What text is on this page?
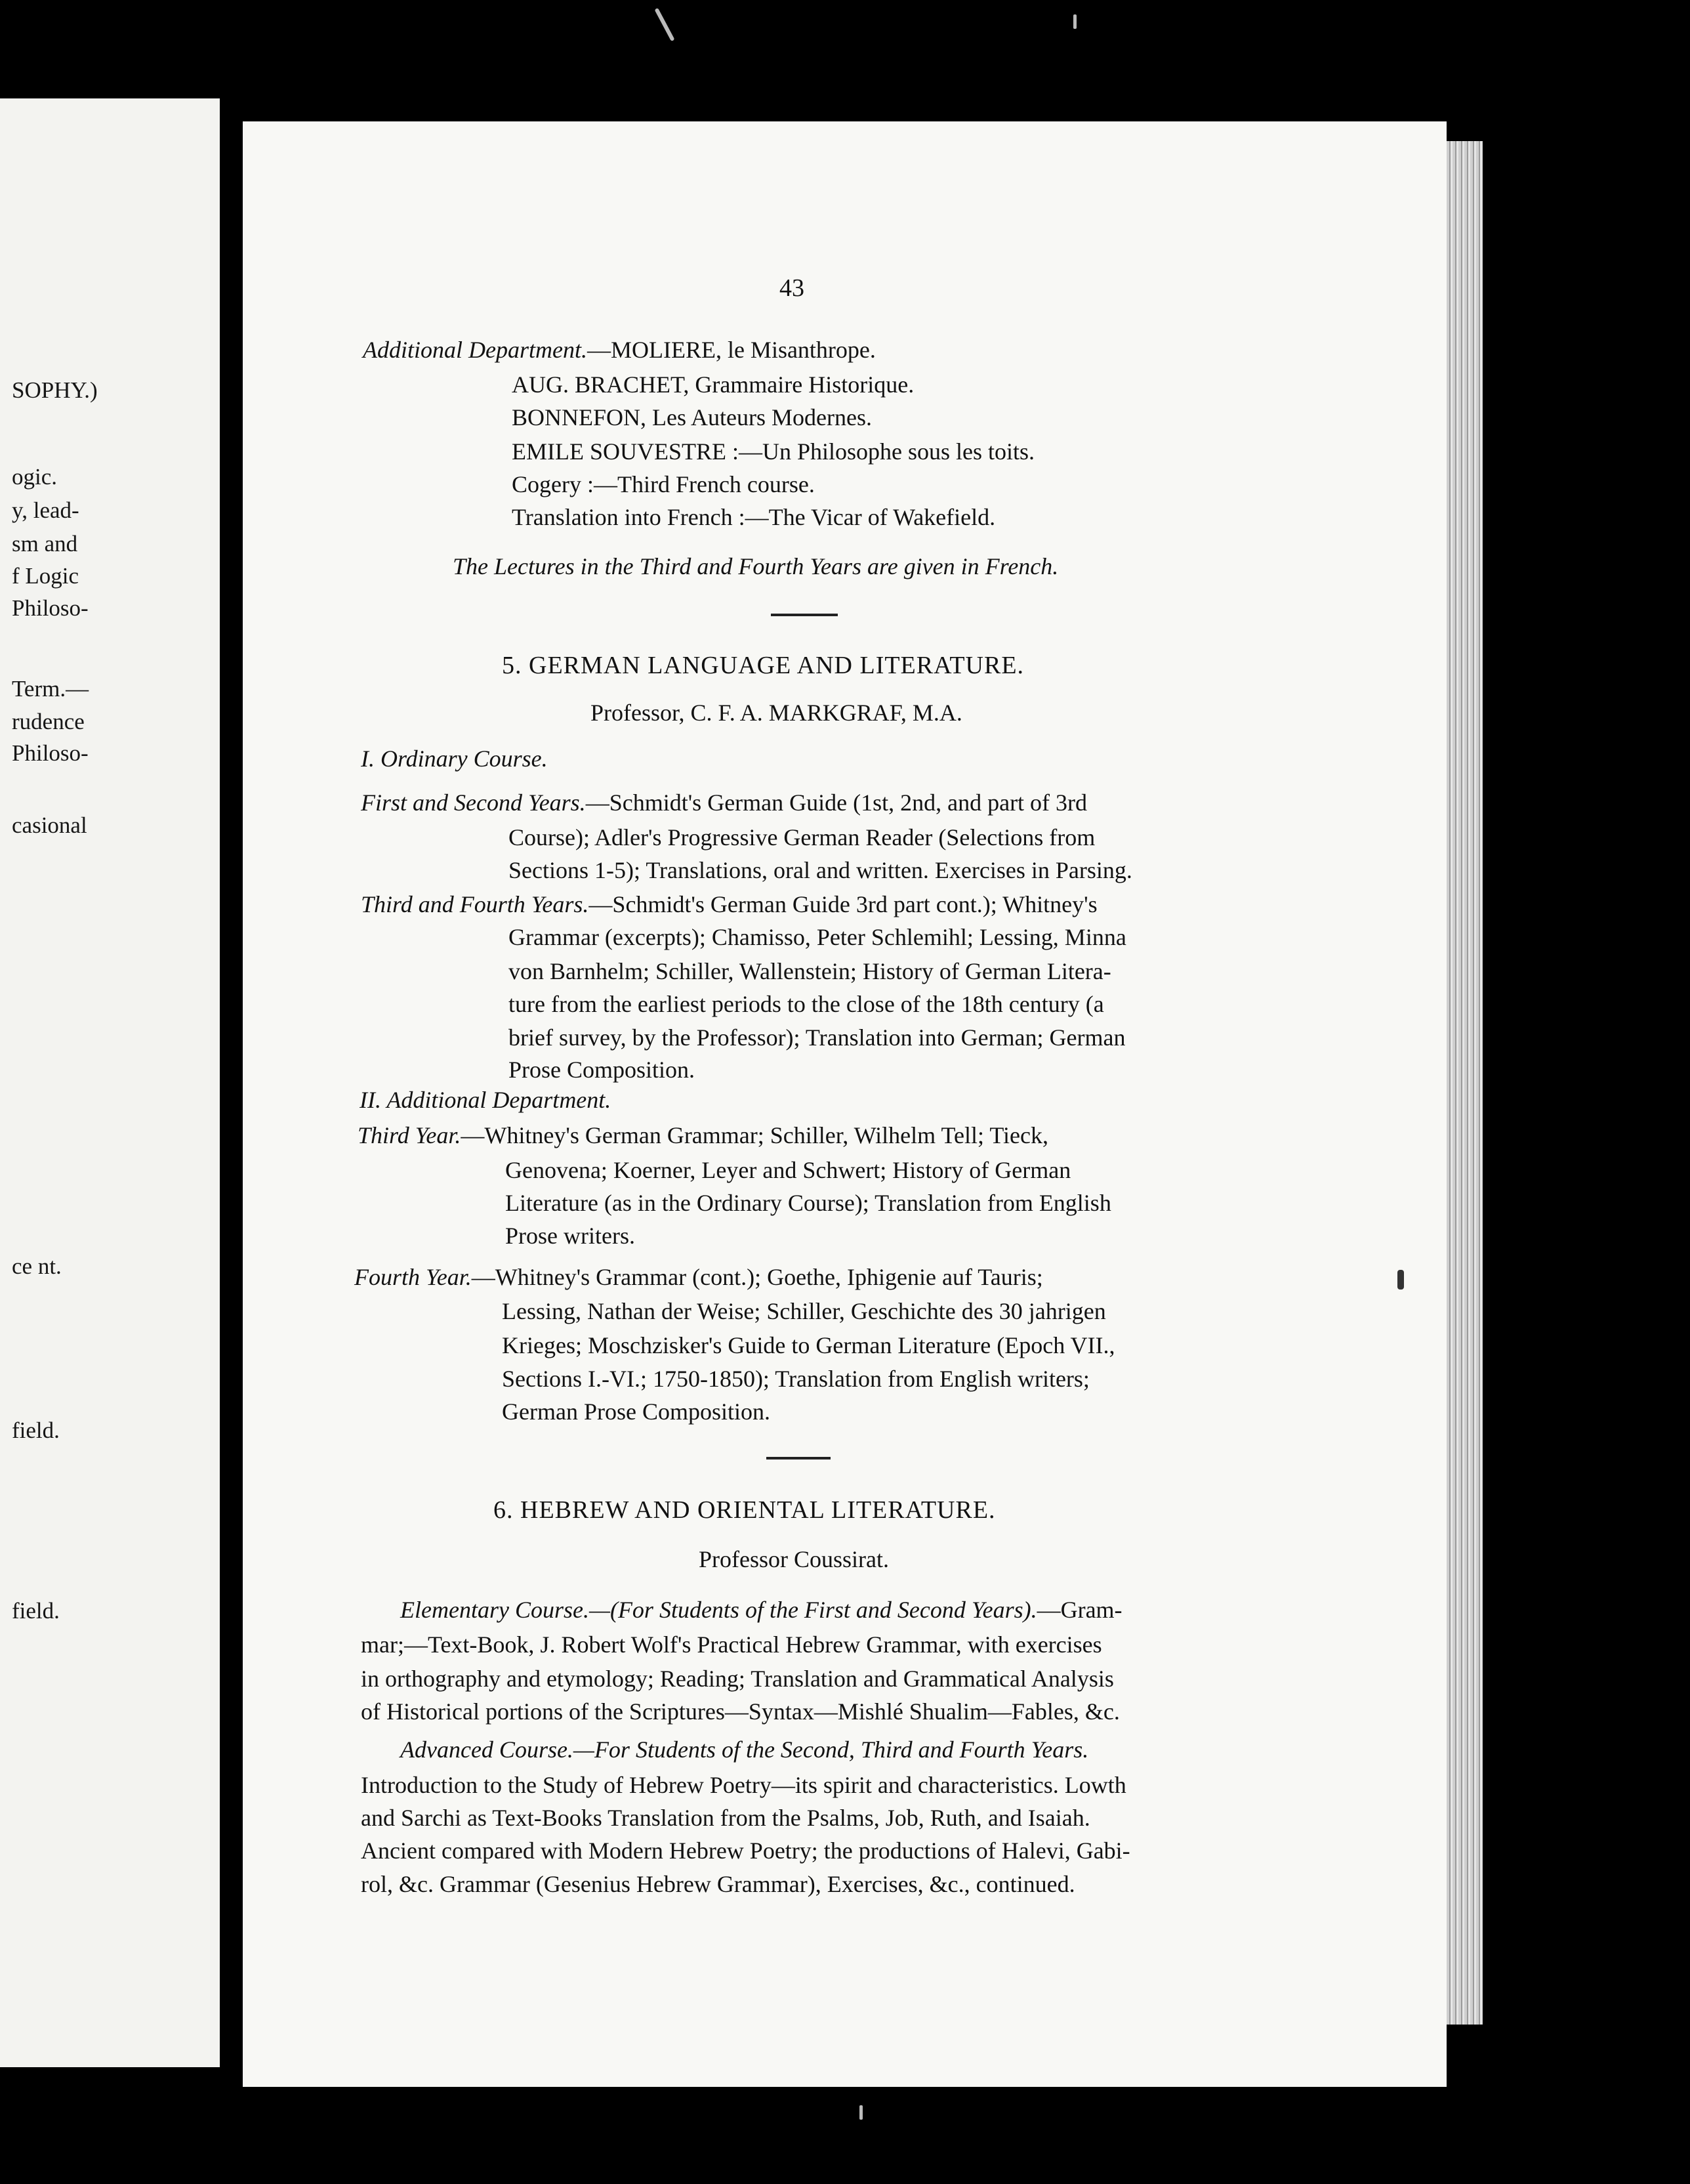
SOPHY.)
ogic.
y, lead-
sm and
f Logic
Philoso-
Term.—
rudence
Philoso-
casional
ce nt.
field.
field.
43
Additional Department.—MOLIERE, le Misanthrope.
AUG. BRACHET, Grammaire Historique.
BONNEFON, Les Auteurs Modernes.
EMILE SOUVESTRE :—Un Philosophe sous les toits.
Cogery :—Third French course.
Translation into French :—The Vicar of Wakefield.
The Lectures in the Third and Fourth Years are given in French.
5. GERMAN LANGUAGE AND LITERATURE.
Professor, C. F. A. MARKGRAF, M.A.
I. Ordinary Course.
First and Second Years.—Schmidt's German Guide (1st, 2nd, and part of 3rd
Course); Adler's Progressive German Reader (Selections from
Sections 1-5); Translations, oral and written. Exercises in Parsing.
Third and Fourth Years.—Schmidt's German Guide 3rd part cont.); Whitney's
Grammar (excerpts); Chamisso, Peter Schlemihl; Lessing, Minna
von Barnhelm; Schiller, Wallenstein; History of German Litera-
ture from the earliest periods to the close of the 18th century (a
brief survey, by the Professor); Translation into German; German
Prose Composition.
II. Additional Department.
Third Year.—Whitney's German Grammar; Schiller, Wilhelm Tell; Tieck,
Genovena; Koerner, Leyer and Schwert; History of German
Literature (as in the Ordinary Course); Translation from English
Prose writers.
Fourth Year.—Whitney's Grammar (cont.); Goethe, Iphigenie auf Tauris;
Lessing, Nathan der Weise; Schiller, Geschichte des 30 jahrigen
Krieges; Moschzisker's Guide to German Literature (Epoch VII.,
Sections I.-VI.; 1750-1850); Translation from English writers;
German Prose Composition.
6. HEBREW AND ORIENTAL LITERATURE.
Professor Coussirat.
Elementary Course.—(For Students of the First and Second Years).—Gram-
mar;—Text-Book, J. Robert Wolf's Practical Hebrew Grammar, with exercises
in orthography and etymology; Reading; Translation and Grammatical Analysis
of Historical portions of the Scriptures—Syntax—Mishlé Shualim—Fables, &c.
Advanced Course.—For Students of the Second, Third and Fourth Years.
Introduction to the Study of Hebrew Poetry—its spirit and characteristics. Lowth
and Sarchi as Text-Books Translation from the Psalms, Job, Ruth, and Isaiah.
Ancient compared with Modern Hebrew Poetry; the productions of Halevi, Gabi-
rol, &c. Grammar (Gesenius Hebrew Grammar), Exercises, &c., continued.
